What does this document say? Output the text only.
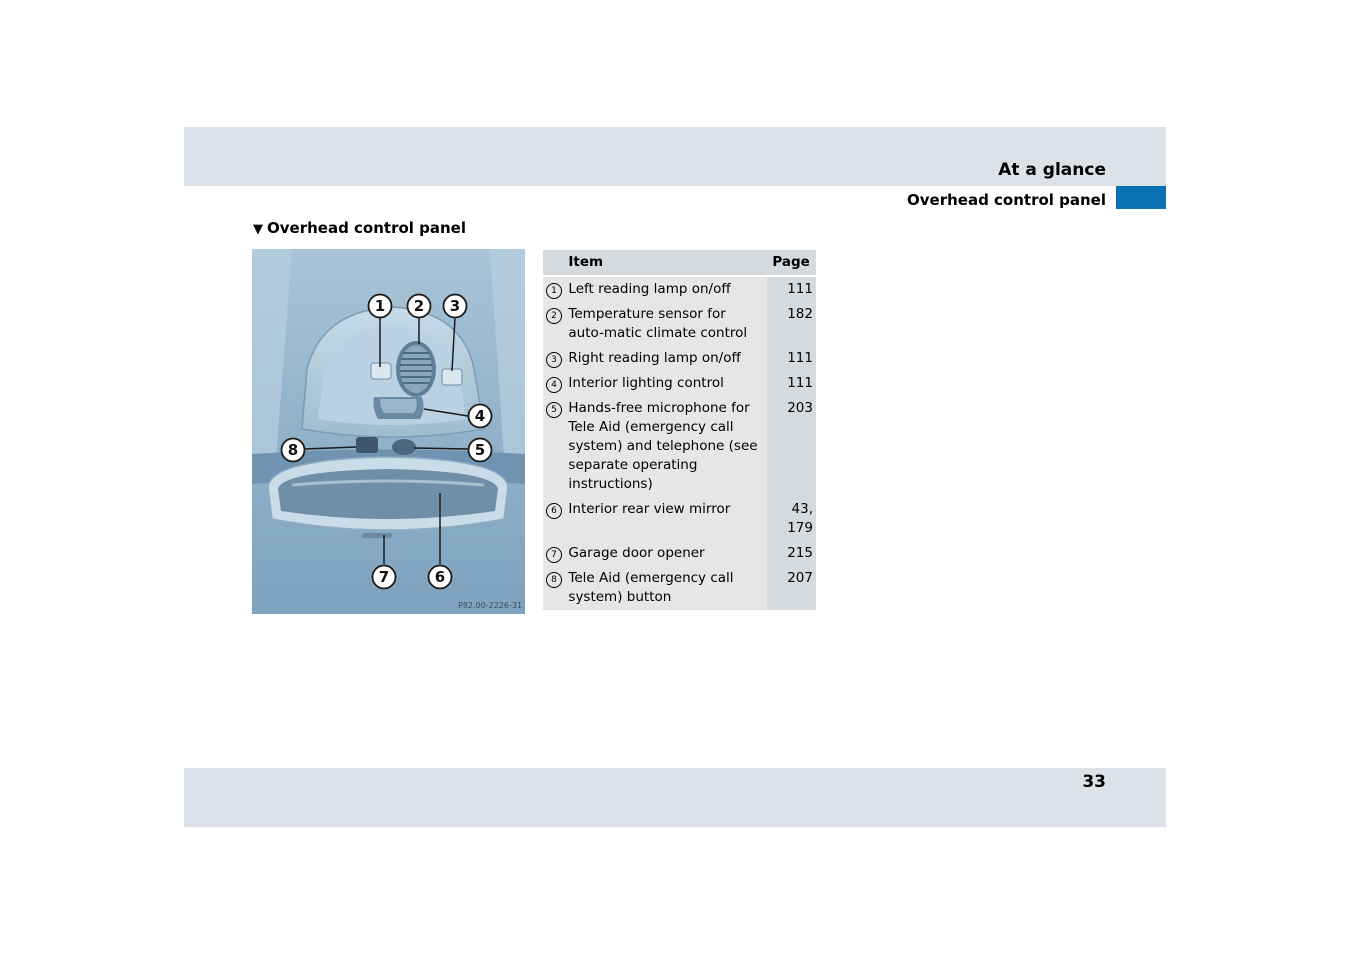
At a glance
Overhead control panel
▼ Overhead control panel
1 2 3
4
5
6
7
8
P82.00-2226-31
	Item	Page
1	Left reading lamp on/off	111
2	Temperature sensor for auto-matic climate control	182
3	Right reading lamp on/off	111
4	Interior lighting control	111
5	Hands-free microphone for Tele Aid (emergency call system) and telephone (see separate operating instructions)	203
6	Interior rear view mirror	43, 179
7	Garage door opener	215
8	Tele Aid (emergency call system) button	207
33
